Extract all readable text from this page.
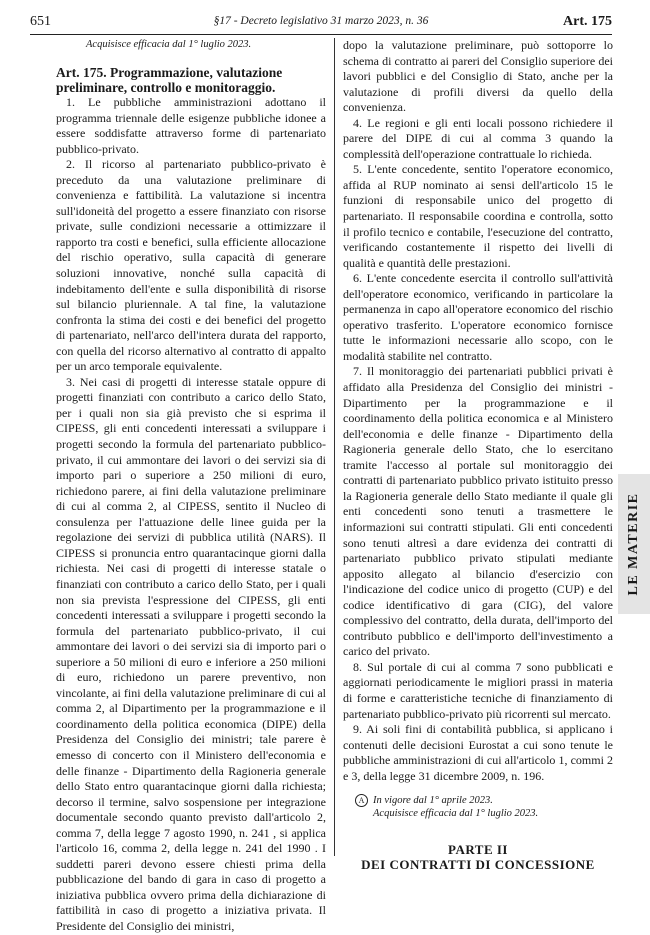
651	§17 - Decreto legislativo 31 marzo 2023, n. 36	Art. 175
Acquisisce efficacia dal 1° luglio 2023.
Art. 175. Programmazione, valutazione preliminare, controllo e monitoraggio.

1. Le pubbliche amministrazioni adottano il programma triennale delle esigenze pubbliche idonee a essere soddisfatte attraverso forme di partenariato pubblico-privato.

2. Il ricorso al partenariato pubblico-privato è preceduto da una valutazione preliminare di convenienza e fattibilità. La valutazione si incentra sull'idoneità del progetto a essere finanziato con risorse private, sulle condizioni necessarie a ottimizzare il rapporto tra costi e benefici, sulla efficiente allocazione del rischio operativo, sulla capacità di generare soluzioni innovative, nonché sulla capacità di indebitamento dell'ente e sulla disponibilità di risorse sul bilancio pluriennale. A tal fine, la valutazione confronta la stima dei costi e dei benefici del progetto di partenariato, nell'arco dell'intera durata del rapporto, con quella del ricorso alternativo al contratto di appalto per un arco temporale equivalente.

3. Nei casi di progetti di interesse statale oppure di progetti finanziati con contributo a carico dello Stato, per i quali non sia già previsto che si esprima il CIPESS, gli enti concedenti interessati a sviluppare i progetti secondo la formula del partenariato pubblico-privato, il cui ammontare dei lavori o dei servizi sia di importo pari o superiore a 250 milioni di euro, richiedono parere, ai fini della valutazione preliminare di cui al comma 2, al CIPESS, sentito il Nucleo di consulenza per l'attuazione delle linee guida per la regolazione dei servizi di pubblica utilità (NARS). Il CIPESS si pronuncia entro quarantacinque giorni dalla richiesta. Nei casi di progetti di interesse statale o finanziati con contributo a carico dello Stato, per i quali non sia prevista l'espressione del CIPESS, gli enti concedenti interessati a sviluppare i progetti secondo la formula del partenariato pubblico-privato, il cui ammontare dei lavori o dei servizi sia di importo pari o superiore a 50 milioni di euro e inferiore a 250 milioni di euro, richiedono un parere preventivo, non vincolante, ai fini della valutazione preliminare di cui al comma 2, al Dipartimento per la programmazione e il coordinamento della politica economica (DIPE) della Presidenza del Consiglio dei ministri; tale parere è emesso di concerto con il Ministero dell'economia e delle finanze - Dipartimento della Ragioneria generale dello Stato entro quarantacinque giorni dalla richiesta; decorso il termine, salvo sospensione per integrazione documentale secondo quanto previsto dall'articolo 2, comma 7, della legge 7 agosto 1990, n. 241 , si applica l'articolo 16, comma 2, della legge n. 241 del 1990 . I suddetti pareri devono essere chiesti prima della pubblicazione del bando di gara in caso di progetto a iniziativa pubblica ovvero prima della dichiarazione di fattibilità in caso di progetto a iniziativa privata. Il Presidente del Consiglio dei ministri,

dopo la valutazione preliminare, può sottoporre lo schema di contratto ai pareri del Consiglio superiore dei lavori pubblici e del Consiglio di Stato, anche per la valutazione di profili diversi da quello della convenienza.

4. Le regioni e gli enti locali possono richiedere il parere del DIPE di cui al comma 3 quando la complessità dell'operazione contrattuale lo richieda.

5. L'ente concedente, sentito l'operatore economico, affida al RUP nominato ai sensi dell'articolo 15 le funzioni di responsabile unico del progetto di partenariato. Il responsabile coordina e controlla, sotto il profilo tecnico e contabile, l'esecuzione del contratto, verificando costantemente il rispetto dei livelli di qualità e quantità delle prestazioni.

6. L'ente concedente esercita il controllo sull'attività dell'operatore economico, verificando in particolare la permanenza in capo all'operatore economico del rischio operativo trasferito. L'operatore economico fornisce tutte le informazioni necessarie allo scopo, con le modalità stabilite nel contratto.

7. Il monitoraggio dei partenariati pubblici privati è affidato alla Presidenza del Consiglio dei ministri - Dipartimento per la programmazione e il coordinamento della politica economica e al Ministero dell'economia e delle finanze - Dipartimento della Ragioneria generale dello Stato, che lo esercitano tramite l'accesso al portale sul monitoraggio dei contratti di partenariato pubblico privato istituito presso la Ragioneria generale dello Stato mediante il quale gli enti concedenti sono tenuti a trasmettere le informazioni sui contratti stipulati. Gli enti concedenti sono tenuti altresì a dare evidenza dei contratti di partenariato pubblico privato stipulati mediante apposito allegato al bilancio d'esercizio con l'indicazione del codice unico di progetto (CUP) e del codice identificativo di gara (CIG), del valore complessivo del contratto, della durata, dell'importo del contributo pubblico e dell'importo dell'investimento a carico del privato.

8. Sul portale di cui al comma 7 sono pubblicati e aggiornati periodicamente le migliori prassi in materia di forme e caratteristiche tecniche di finanziamento di partenariato pubblico-privato più ricorrenti sul mercato.

9. Ai soli fini di contabilità pubblica, si applicano i contenuti delle decisioni Eurostat a cui sono tenute le pubbliche amministrazioni di cui all'articolo 1, commi 2 e 3, della legge 31 dicembre 2009, n. 196.

A In vigore dal 1° aprile 2023.
Acquisisce efficacia dal 1° luglio 2023.
PARTE II
DEI CONTRATTI DI CONCESSIONE
LE MATERIE
